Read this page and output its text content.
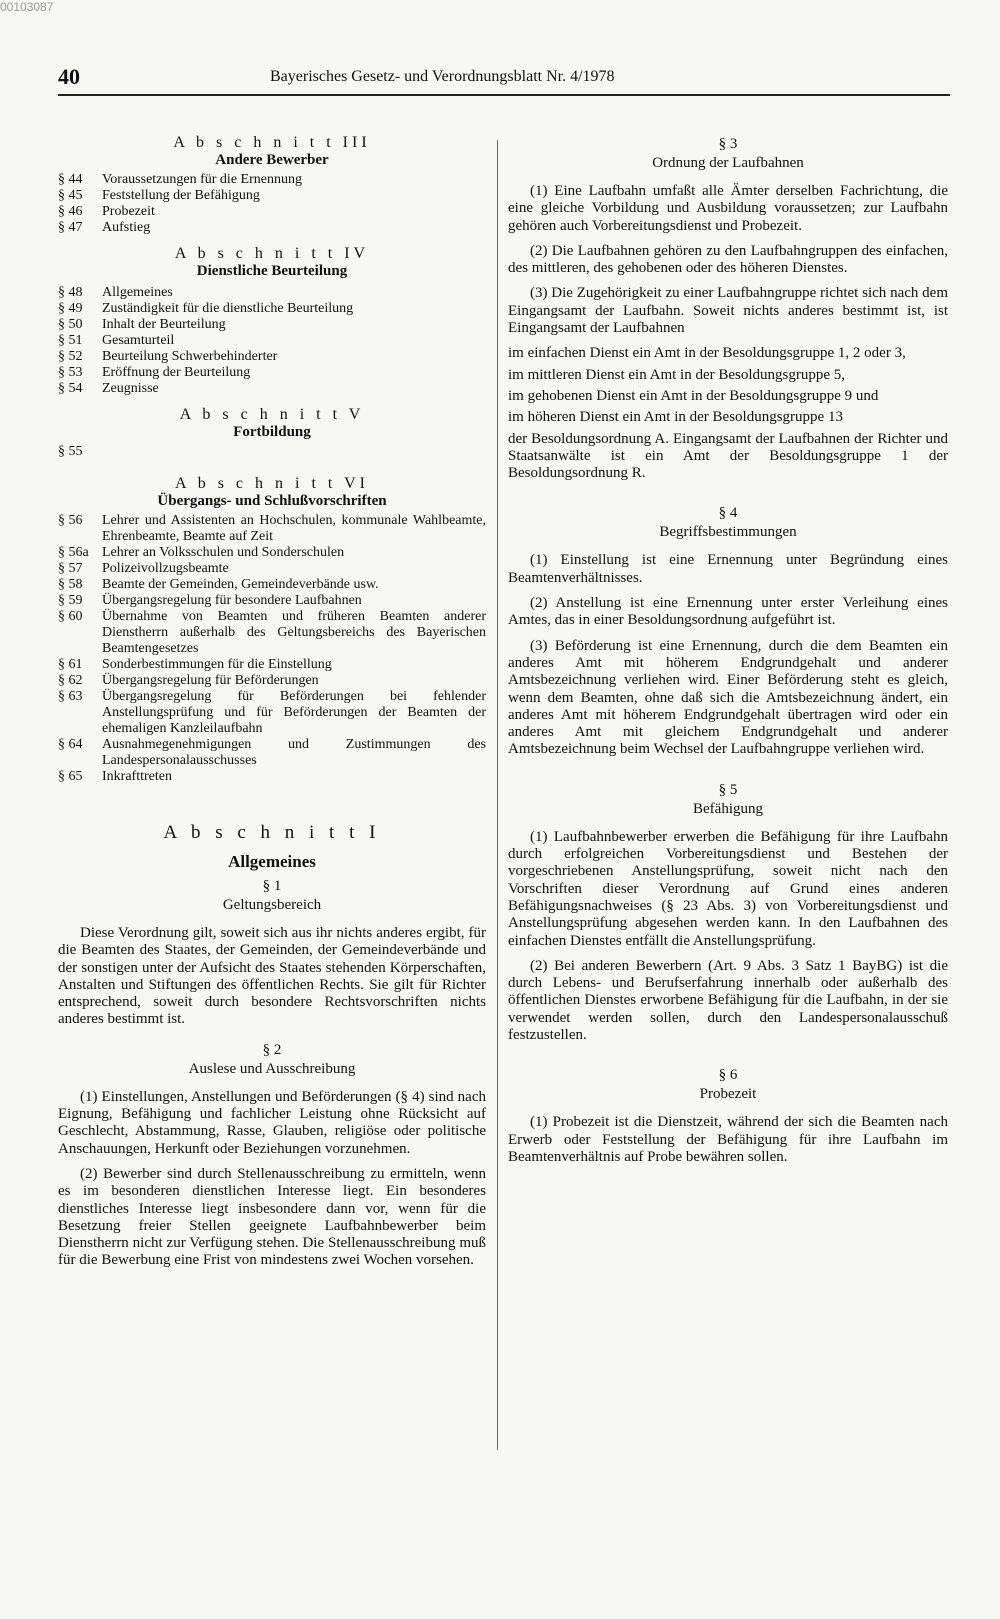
00103087
40	Bayerisches Gesetz- und Verordnungsblatt Nr. 4/1978
A b s c h n i t t III
Andere Bewerber
§ 44	Voraussetzungen für die Ernennung
§ 45	Feststellung der Befähigung
§ 46	Probezeit
§ 47	Aufstieg
A b s c h n i t t IV
Dienstliche Beurteilung
§ 48	Allgemeines
§ 49	Zuständigkeit für die dienstliche Beurteilung
§ 50	Inhalt der Beurteilung
§ 51	Gesamturteil
§ 52	Beurteilung Schwerbehinderter
§ 53	Eröffnung der Beurteilung
§ 54	Zeugnisse
A b s c h n i t t V
Fortbildung
§ 55
A b s c h n i t t VI
Übergangs- und Schlußvorschriften
§ 56	Lehrer und Assistenten an Hochschulen, kommunale Wahlbeamte, Ehrenbeamte, Beamte auf Zeit
§ 56a Lehrer an Volksschulen und Sonderschulen
§ 57	Polizeivollzugsbeamte
§ 58	Beamte der Gemeinden, Gemeindeverbände usw.
§ 59	Übergangsregelung für besondere Laufbahnen
§ 60	Übernahme von Beamten und früheren Beamten anderer Dienstherrn außerhalb des Geltungsbereichs des Bayerischen Beamtengesetzes
§ 61	Sonderbestimmungen für die Einstellung
§ 62	Übergangsregelung für Beförderungen
§ 63	Übergangsregelung für Beförderungen bei fehlender Anstellungsprüfung und für Beförderungen der Beamten der ehemaligen Kanzleilaufbahn
§ 64	Ausnahmegenehmigungen und Zustimmungen des Landespersonalausschusses
§ 65	Inkrafttreten
A b s c h n i t t I
Allgemeines
§ 1
Geltungsbereich

Diese Verordnung gilt, soweit sich aus ihr nichts anderes ergibt, für die Beamten des Staates, der Gemeinden, der Gemeindeverbände und der sonstigen unter der Aufsicht des Staates stehenden Körperschaften, Anstalten und Stiftungen des öffentlichen Rechts. Sie gilt für Richter entsprechend, soweit durch besondere Rechtsvorschriften nichts anderes bestimmt ist.

§ 2
Auslese und Ausschreibung

(1) Einstellungen, Anstellungen und Beförderungen (§ 4) sind nach Eignung, Befähigung und fachlicher Leistung ohne Rücksicht auf Geschlecht, Abstammung, Rasse, Glauben, religiöse oder politische Anschauungen, Herkunft oder Beziehungen vorzunehmen.

(2) Bewerber sind durch Stellenausschreibung zu ermitteln, wenn es im besonderen dienstlichen Interesse liegt. Ein besonderes dienstliches Interesse liegt insbesondere dann vor, wenn für die Besetzung freier Stellen geeignete Laufbahnbewerber beim Dienstherrn nicht zur Verfügung stehen. Die Stellenausschreibung muß für die Bewerbung eine Frist von mindestens zwei Wochen vorsehen.

§ 3
Ordnung der Laufbahnen

(1) Eine Laufbahn umfaßt alle Ämter derselben Fachrichtung, die eine gleiche Vorbildung und Ausbildung voraussetzen; zur Laufbahn gehören auch Vorbereitungsdienst und Probezeit.

(2) Die Laufbahnen gehören zu den Laufbahngruppen des einfachen, des mittleren, des gehobenen oder des höheren Dienstes.

(3) Die Zugehörigkeit zu einer Laufbahngruppe richtet sich nach dem Eingangsamt der Laufbahn. Soweit nichts anderes bestimmt ist, ist Eingangsamt der Laufbahnen

im einfachen Dienst ein Amt in der Besoldungsgruppe 1, 2 oder 3,
im mittleren Dienst ein Amt in der Besoldungsgruppe 5,
im gehobenen Dienst ein Amt in der Besoldungsgruppe 9 und
im höheren Dienst ein Amt in der Besoldungsgruppe 13

der Besoldungsordnung A. Eingangsamt der Laufbahnen der Richter und Staatsanwälte ist ein Amt der Besoldungsgruppe 1 der Besoldungsordnung R.

§ 4
Begriffsbestimmungen

(1) Einstellung ist eine Ernennung unter Begründung eines Beamtenverhältnisses.

(2) Anstellung ist eine Ernennung unter erster Verleihung eines Amtes, das in einer Besoldungsordnung aufgeführt ist.

(3) Beförderung ist eine Ernennung, durch die dem Beamten ein anderes Amt mit höherem Endgrundgehalt und anderer Amtsbezeichnung verliehen wird. Einer Beförderung steht es gleich, wenn dem Beamten, ohne daß sich die Amtsbezeichnung ändert, ein anderes Amt mit höherem Endgrundgehalt übertragen wird oder ein anderes Amt mit gleichem Endgrundgehalt und anderer Amtsbezeichnung beim Wechsel der Laufbahngruppe verliehen wird.

§ 5
Befähigung

(1) Laufbahnbewerber erwerben die Befähigung für ihre Laufbahn durch erfolgreichen Vorbereitungsdienst und Bestehen der vorgeschriebenen Anstellungsprüfung, soweit nicht nach den Vorschriften dieser Verordnung auf Grund eines anderen Befähigungsnachweises (§ 23 Abs. 3) von Vorbereitungsdienst und Anstellungsprüfung abgesehen werden kann. In den Laufbahnen des einfachen Dienstes entfällt die Anstellungsprüfung.

(2) Bei anderen Bewerbern (Art. 9 Abs. 3 Satz 1 BayBG) ist die durch Lebens- und Berufserfahrung innerhalb oder außerhalb des öffentlichen Dienstes erworbene Befähigung für die Laufbahn, in der sie verwendet werden sollen, durch den Landespersonalausschuß festzustellen.

§ 6
Probezeit

(1) Probezeit ist die Dienstzeit, während der sich die Beamten nach Erwerb oder Feststellung der Befähigung für ihre Laufbahn im Beamtenverhältnis auf Probe bewähren sollen.
